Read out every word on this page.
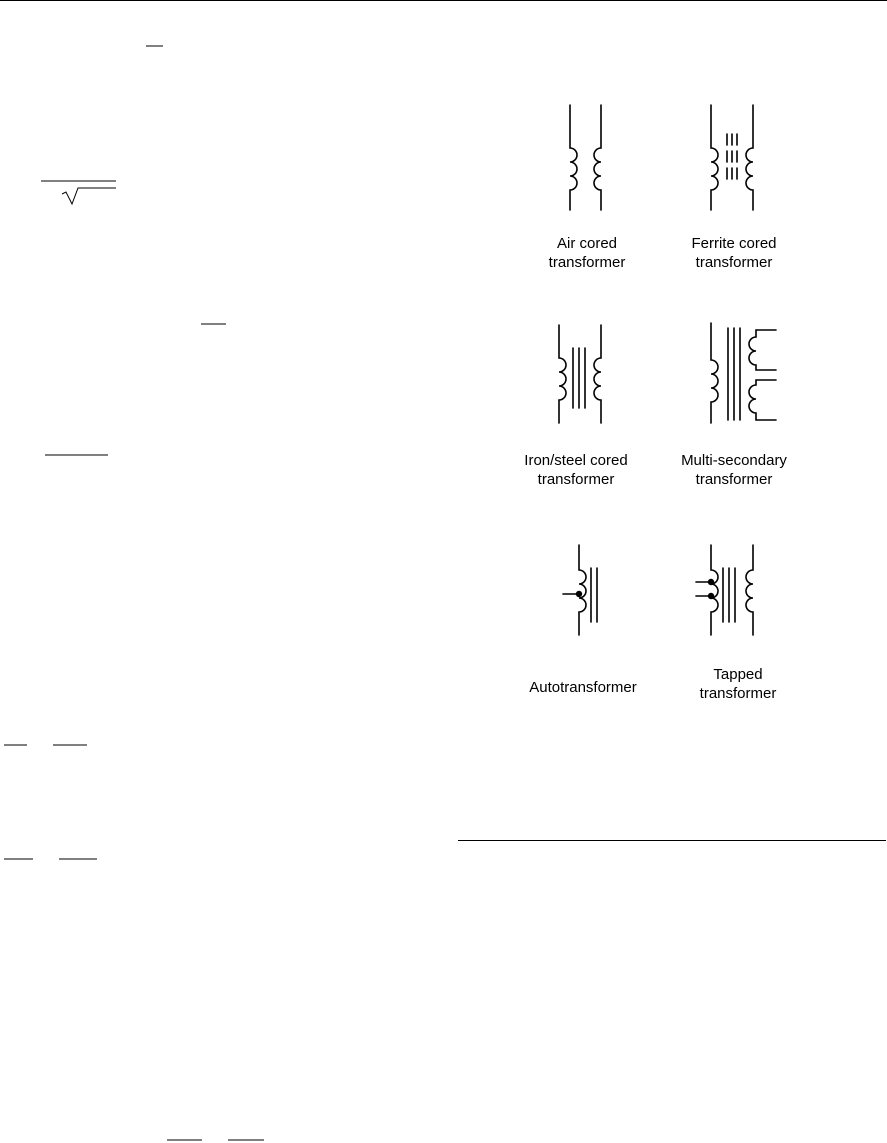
Air cored
transformer
Ferrite cored
transformer
Iron/steel cored
transformer
Multi-secondary
transformer
Autotransformer
Tapped
transformer
